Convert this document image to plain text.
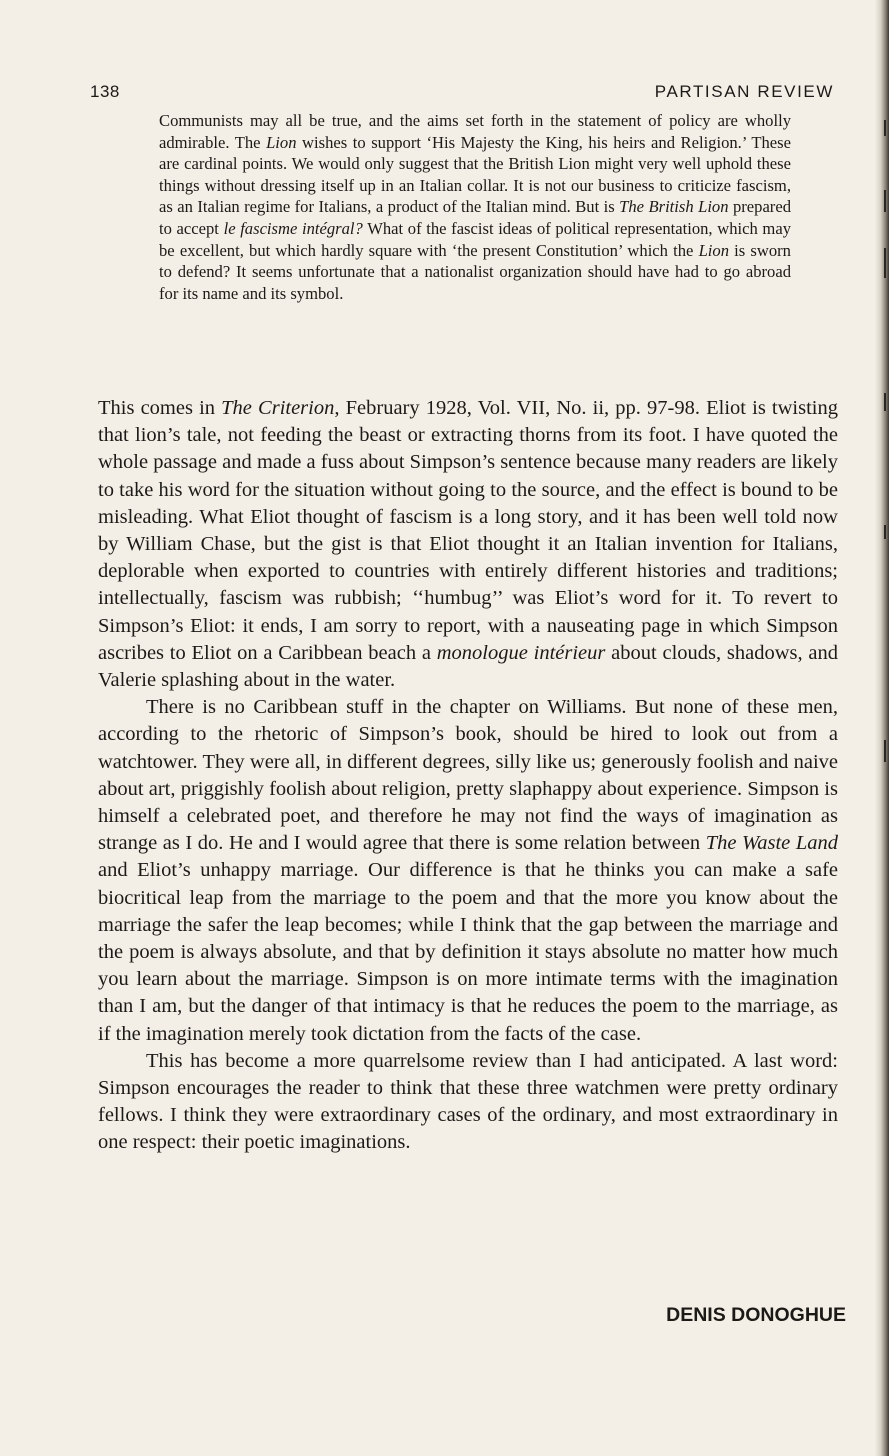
138	PARTISAN REVIEW
Communists may all be true, and the aims set forth in the statement of policy are wholly admirable. The Lion wishes to support ‘His Majesty the King, his heirs and Religion.’ These are cardinal points. We would only suggest that the British Lion might very well uphold these things without dressing itself up in an Italian collar. It is not our business to criticize fascism, as an Italian regime for Italians, a product of the Italian mind. But is The British Lion prepared to accept le fascisme intégral? What of the fascist ideas of political representation, which may be excellent, but which hardly square with ‘the present Constitution’ which the Lion is sworn to defend? It seems unfortunate that a nationalist organization should have had to go abroad for its name and its symbol.

This comes in The Criterion, February 1928, Vol. VII, No. ii, pp. 97-98. Eliot is twisting that lion’s tale, not feeding the beast or extracting thorns from its foot. I have quoted the whole passage and made a fuss about Simpson’s sentence because many readers are likely to take his word for the situation without going to the source, and the effect is bound to be misleading. What Eliot thought of fascism is a long story, and it has been well told now by William Chase, but the gist is that Eliot thought it an Italian invention for Italians, deplorable when exported to countries with entirely different histories and traditions; intellectually, fascism was rubbish; ‘‘humbug’’ was Eliot’s word for it. To revert to Simpson’s Eliot: it ends, I am sorry to report, with a nauseating page in which Simpson ascribes to Eliot on a Caribbean beach a monologue intérieur about clouds, shadows, and Valerie splashing about in the water.

There is no Caribbean stuff in the chapter on Williams. But none of these men, according to the rhetoric of Simpson’s book, should be hired to look out from a watchtower. They were all, in different degrees, silly like us; generously foolish and naive about art, priggishly foolish about religion, pretty slaphappy about experience. Simpson is himself a celebrated poet, and therefore he may not find the ways of imagination as strange as I do. He and I would agree that there is some relation between The Waste Land and Eliot’s unhappy marriage. Our difference is that he thinks you can make a safe biocritical leap from the marriage to the poem and that the more you know about the marriage the safer the leap becomes; while I think that the gap between the marriage and the poem is always absolute, and that by definition it stays absolute no matter how much you learn about the marriage. Simpson is on more intimate terms with the imagination than I am, but the danger of that intimacy is that he reduces the poem to the marriage, as if the imagination merely took dictation from the facts of the case.

This has become a more quarrelsome review than I had anticipated. A last word: Simpson encourages the reader to think that these three watchmen were pretty ordinary fellows. I think they were extraordinary cases of the ordinary, and most extraordinary in one respect: their poetic imaginations.

DENIS DONOGHUE
